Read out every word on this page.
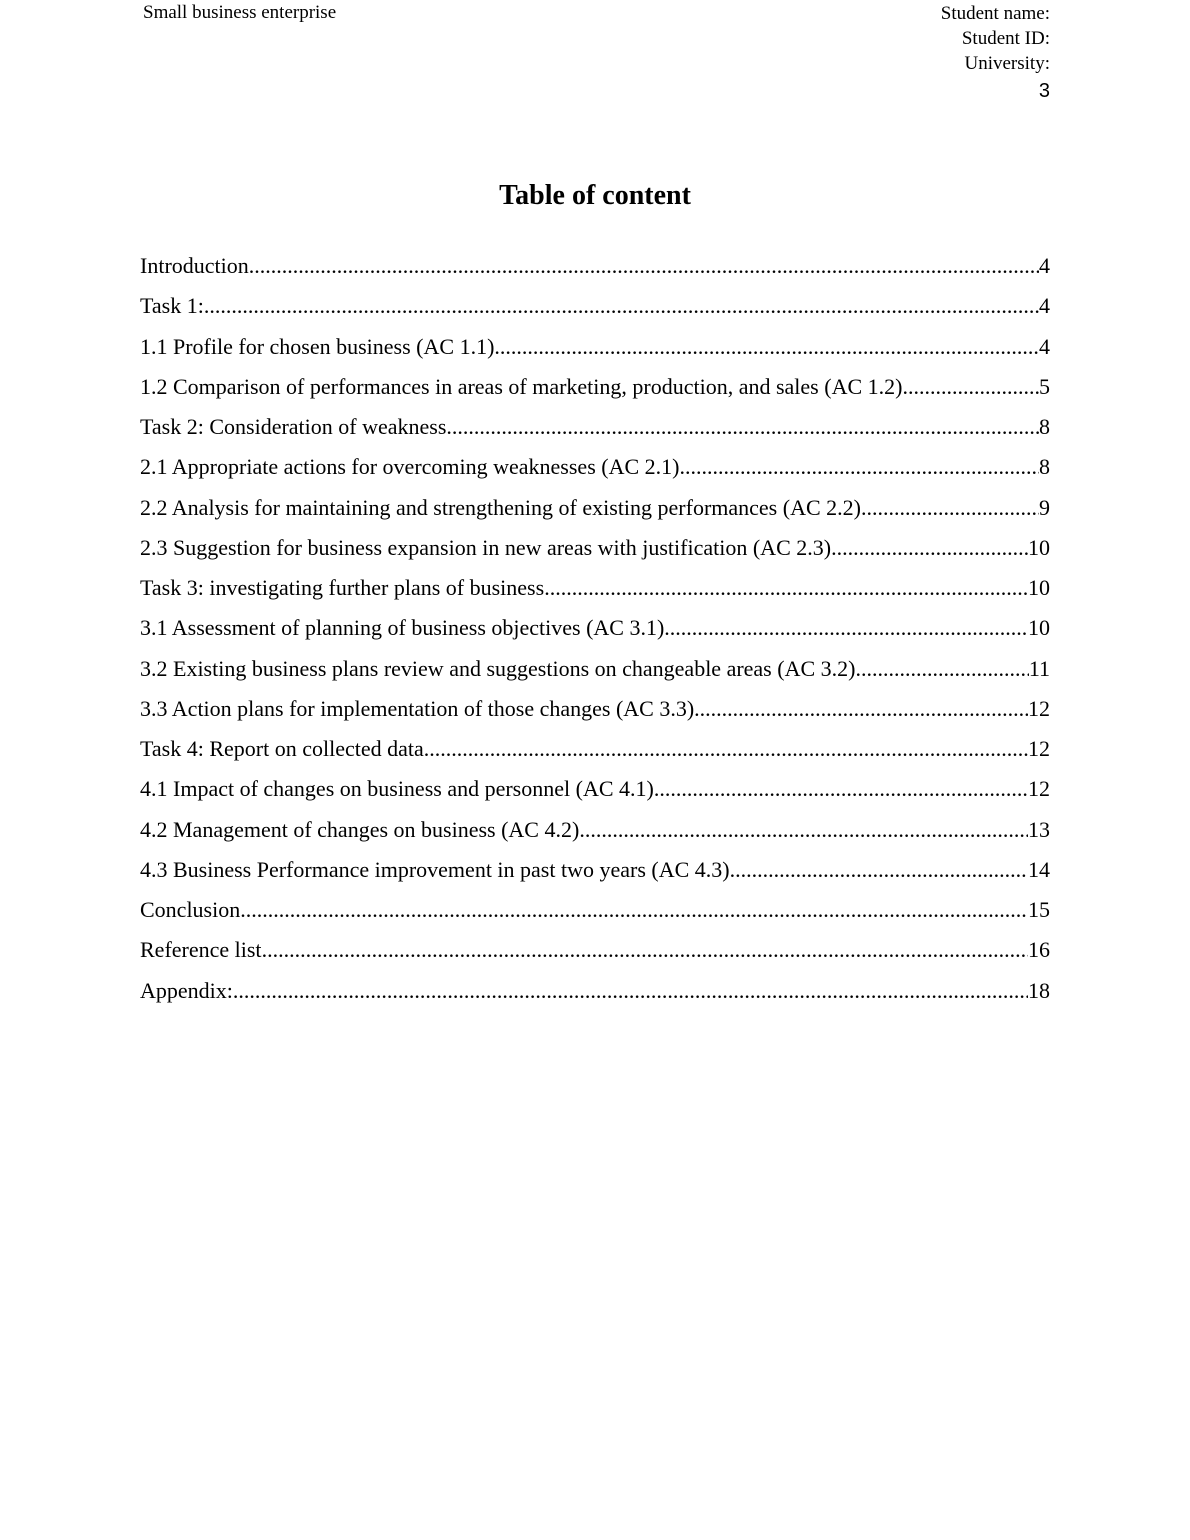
Small business enterprise	Student name:
Student ID:
University:
3
Table of content
Introduction .....	4
Task 1: .....	4
1.1 Profile for chosen business (AC 1.1) .....	4
1.2 Comparison of performances in areas of marketing, production, and sales (AC 1.2) .....	5
Task 2: Consideration of weakness .....	8
2.1 Appropriate actions for overcoming weaknesses (AC 2.1) .....	8
2.2 Analysis for maintaining and strengthening of existing performances (AC 2.2) .....	9
2.3 Suggestion for business expansion in new areas with justification (AC 2.3) .....	10
Task 3: investigating further plans of business .....	10
3.1 Assessment of planning of business objectives (AC 3.1) .....	10
3.2 Existing business plans review and suggestions on changeable areas (AC 3.2) .....	11
3.3 Action plans for implementation of those changes (AC 3.3) .....	12
Task 4: Report on collected data .....	12
4.1 Impact of changes on business and personnel (AC 4.1) .....	12
4.2 Management of changes on business (AC 4.2) .....	13
4.3 Business Performance improvement in past two years (AC 4.3) .....	14
Conclusion .....	15
Reference list .....	16
Appendix: .....	18
